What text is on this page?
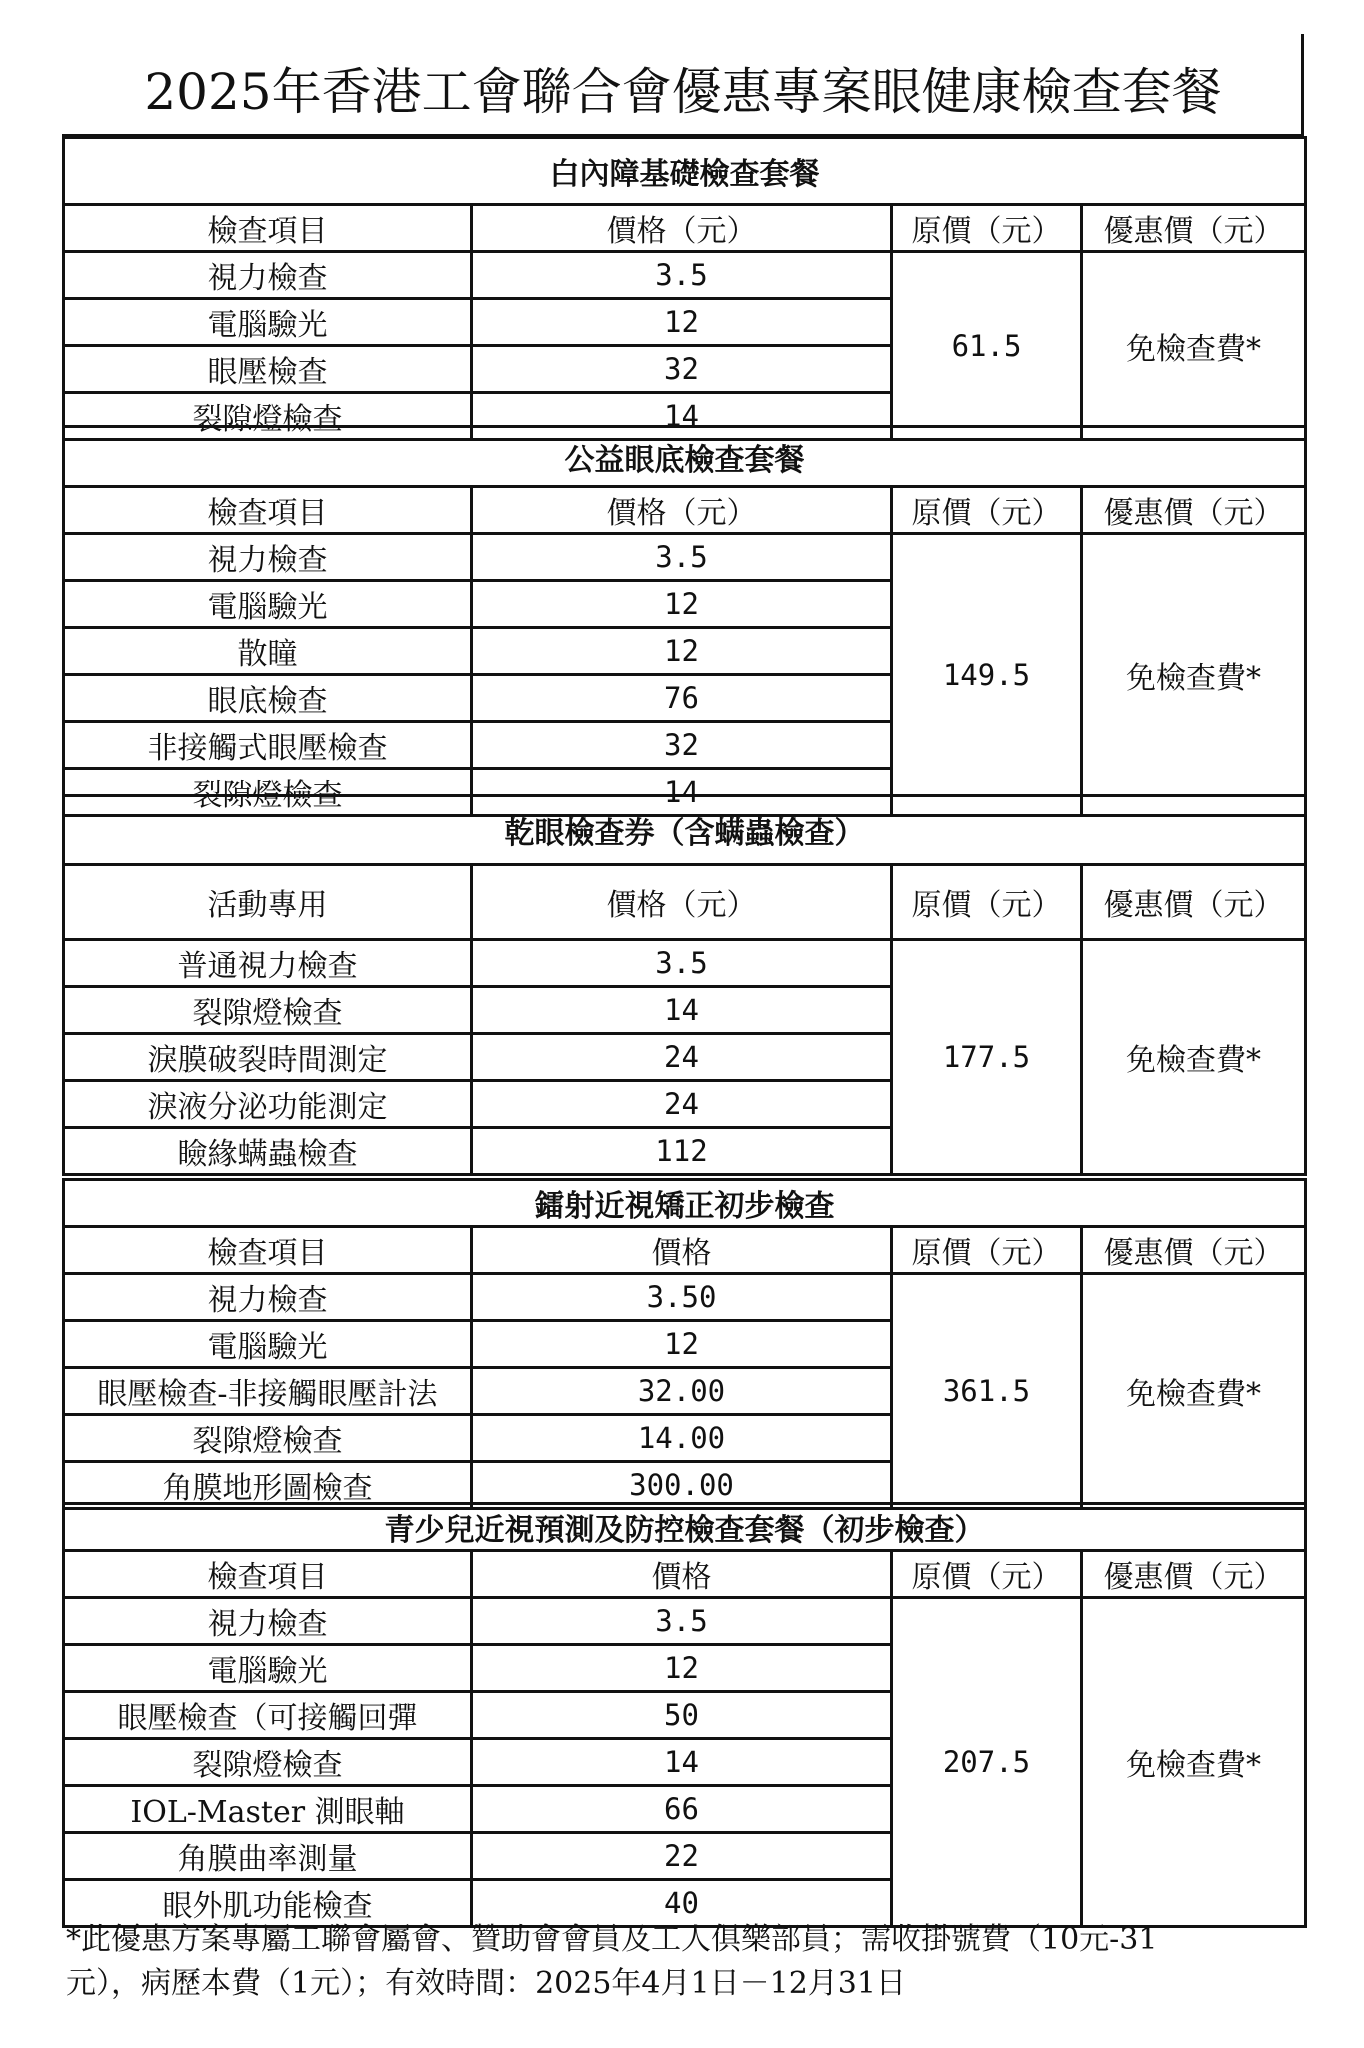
2025年香港工會聯合會優惠專案眼健康檢查套餐
白內障基礎檢查套餐			
檢查項目	價格（元）	原價（元）	優惠價（元）
視力檢查	3.5	61.5	免檢查費*
電腦驗光	12		
眼壓檢查	32		
裂隙燈檢查	14		
公益眼底檢查套餐			
檢查項目	價格（元）	原價（元）	優惠價（元）
視力檢查	3.5	149.5	免檢查費*
電腦驗光	12		
散瞳	12		
眼底檢查	76		
非接觸式眼壓檢查	32		
裂隙燈檢查	14		
乾眼檢查券（含螨蟲檢查）			
活動專用	價格（元）	原價（元）	優惠價（元）
普通視力檢查	3.5	177.5	免檢查費*
裂隙燈檢查	14		
淚膜破裂時間測定	24		
淚液分泌功能測定	24		
瞼緣螨蟲檢查	112		
鐳射近視矯正初步檢查			
檢查項目	價格	原價（元）	優惠價（元）
視力檢查	3.50	361.5	免檢查費*
電腦驗光	12		
眼壓檢查-非接觸眼壓計法	32.00		
裂隙燈檢查	14.00		
角膜地形圖檢查	300.00		
青少兒近視預測及防控檢查套餐（初步檢查）			
檢查項目	價格	原價（元）	優惠價（元）
視力檢查	3.5	207.5	免檢查費*
電腦驗光	12		
眼壓檢查（可接觸回彈	50		
裂隙燈檢查	14		
IOL-Master 測眼軸	66		
角膜曲率測量	22		
眼外肌功能檢查	40		
*此優惠方案專屬工聯會屬會、贊助會會員及工人俱樂部員；需收掛號費（10元-31
元），病歷本費（1元）；有效時間：2025年4月1日－12月31日
